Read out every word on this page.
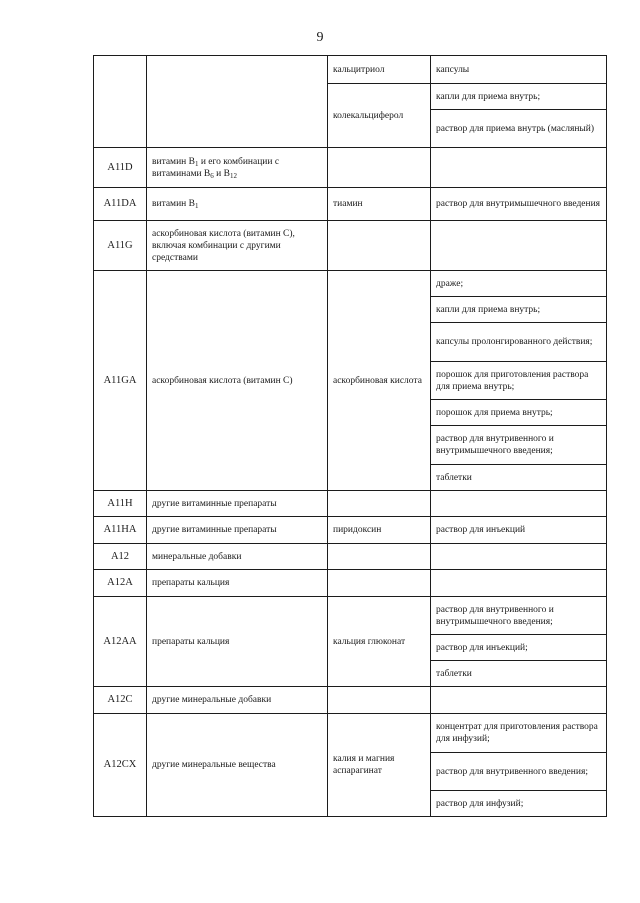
9
		кальцитриол	капсулы
		колекальциферол	капли для приема внутрь;
			раствор для приема внутрь (масляный)
A11D	витамин $B_1$ и его комбинации с витаминами $B_6$ и $B_{12}$		
A11DA	витамин $B_1$	тиамин	раствор для внутримышечного введения
A11G	аскорбиновая кислота (витамин C), включая комбинации с другими средствами		
A11GA	аскорбиновая кислота (витамин C)	аскорбиновая кислота	драже;
			капли для приема внутрь;
			капсулы пролонгированного действия;
			порошок для приготовления раствора для приема внутрь;
			порошок для приема внутрь;
			раствор для внутривенного и внутримышечного введения;
			таблетки
A11H	другие витаминные препараты		
A11HA	другие витаминные препараты	пиридоксин	раствор для инъекций
A12	минеральные добавки		
A12A	препараты кальция		
A12AA	препараты кальция	кальция глюконат	раствор для внутривенного и внутримышечного введения;
			раствор для инъекций;
			таблетки
A12C	другие минеральные добавки		
A12CX	другие минеральные вещества	калия и магния аспарагинат	концентрат для приготовления раствора для инфузий;
			раствор для внутривенного введения;
			раствор для инфузий;
